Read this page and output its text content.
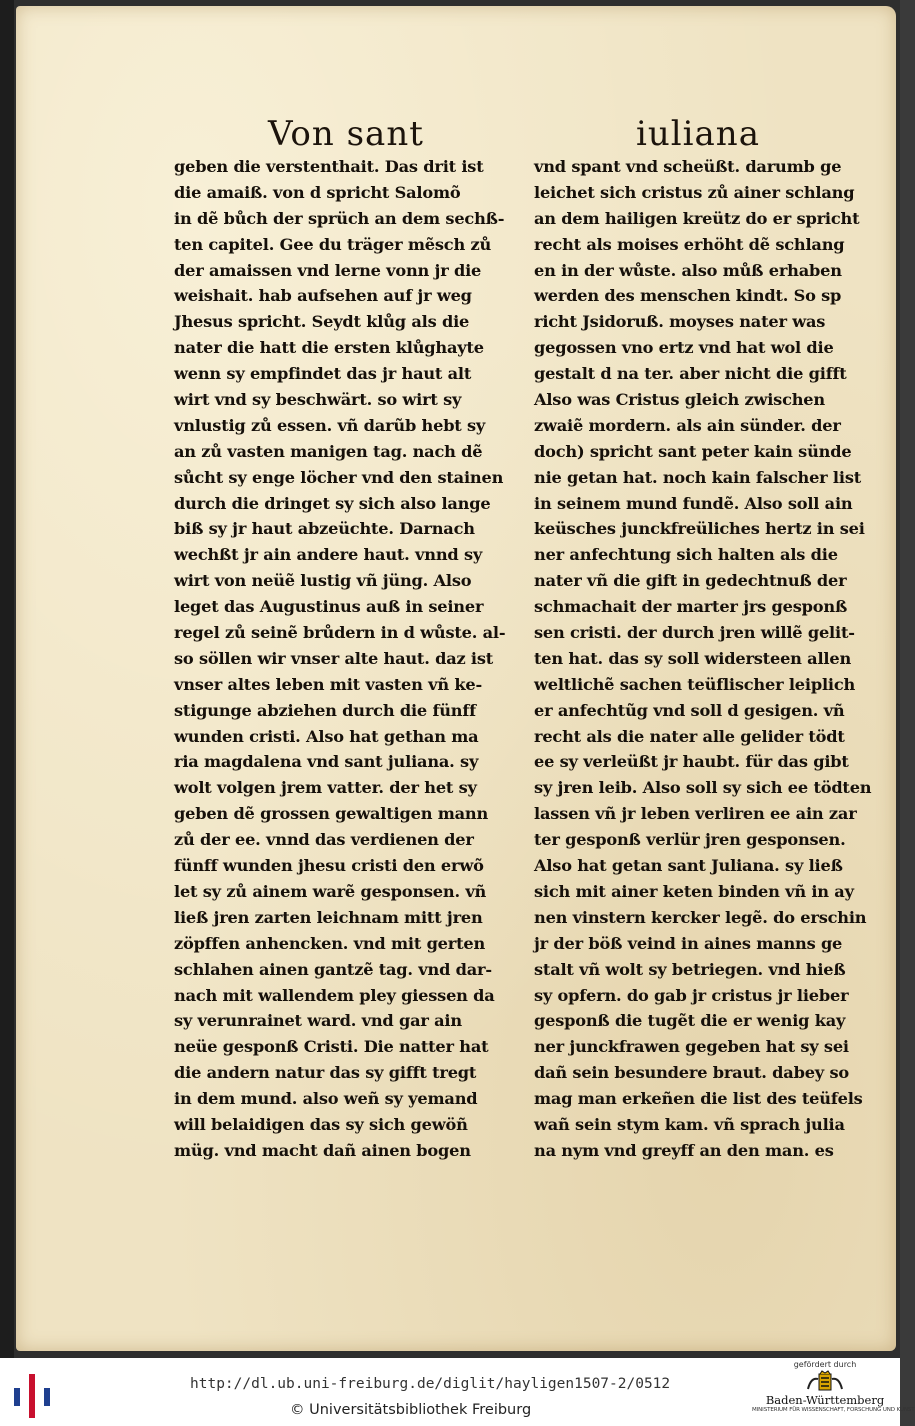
Von sant	iuliana
geben die verstenthait. Das drit ist
die amaiß. von d spricht Salomõ
in dẽ bůch der sprüch an dem sechß-
ten capitel. Gee du träger mẽsch zů
der amaissen vnd lerne vonn jr die
weishait. hab aufsehen auf jr weg
Jhesus spricht. Seydt klůg als die
nater die hatt die ersten klůghayte
wenn sy empfindet das jr haut alt
wirt vnd sy beschwärt. so wirt sy
vnlustig zů essen. vñ darũb hebt sy
an zů vasten manigen tag. nach dẽ
sůcht sy enge löcher vnd den stainen
durch die dringet sy sich also lange
biß sy jr haut abzeüchte. Darnach
wechßt jr ain andere haut. vnnd sy
wirt von neüẽ lustig vñ jüng. Also
leget das Augustinus auß in seiner
regel zů seinẽ brůdern in d wůste. al-
so söllen wir vnser alte haut. daz ist
vnser altes leben mit vasten vñ ke-
stigunge abziehen durch die fünff
wunden cristi. Also hat gethan ma
ria magdalena vnd sant juliana. sy
wolt volgen jrem vatter. der het sy
geben dẽ grossen gewaltigen mann
zů der ee. vnnd das verdienen der
fünff wunden jhesu cristi den erwõ
let sy zů ainem warẽ gesponsen. vñ
ließ jren zarten leichnam mitt jren
zöpffen anhencken. vnd mit gerten
schlahen ainen gantzẽ tag. vnd dar-
nach mit wallendem pley giessen da
sy verunrainet ward. vnd gar ain
neüe gesponß Cristi. Die natter hat
die andern natur das sy gifft tregt
in dem mund. also weñ sy yemand
will belaidigen das sy sich gewöñ
müg. vnd macht dañ ainen bogen
vnd spant vnd scheüßt. darumb ge
leichet sich cristus zů ainer schlang
an dem hailigen kreütz do er spricht
recht als moises erhöht dẽ schlang
en in der wůste. also můß erhaben
werden des menschen kindt. So sp
richt Jsidoruß. moyses nater was
gegossen vno ertz vnd hat wol die
gestalt d na ter. aber nicht die gifft
Also was Cristus gleich zwischen
zwaiẽ mordern. als ain sünder. der
doch) spricht sant peter kain sünde
nie getan hat. noch kain falscher list
in seinem mund fundẽ. Also soll ain
keüsches junckfreüliches hertz in sei
ner anfechtung sich halten als die
nater vñ die gift in gedechtnuß der
schmachait der marter jrs gesponß
sen cristi. der durch jren willẽ gelit-
ten hat. das sy soll widersteen allen
weltlichẽ sachen teüflischer leiplich
er anfechtũg vnd soll d gesigen. vñ
recht als die nater alle gelider tödt
ee sy verleüßt jr haubt. für das gibt
sy jren leib. Also soll sy sich ee tödten
lassen vñ jr leben verliren ee ain zar
ter gesponß verlür jren gesponsen.
Also hat getan sant Juliana. sy ließ
sich mit ainer keten binden vñ in ay
nen vinstern kercker legẽ. do erschin
jr der böß veind in aines manns ge
stalt vñ wolt sy betriegen. vnd hieß
sy opfern. do gab jr cristus jr lieber
gesponß die tugẽt die er wenig kay
ner junckfrawen gegeben hat sy sei
dañ sein besundere braut. dabey so
mag man erkeñen die list des teüfels
wañ sein stym kam. vñ sprach julia
na nym vnd greyff an den man. es
http://dl.ub.uni-freiburg.de/diglit/hayligen1507-2/0512
© Universitätsbibliothek Freiburg
gefördert durch
Baden-Württemberg
MINISTERIUM FÜR WISSENSCHAFT, FORSCHUNG UND KUNST
